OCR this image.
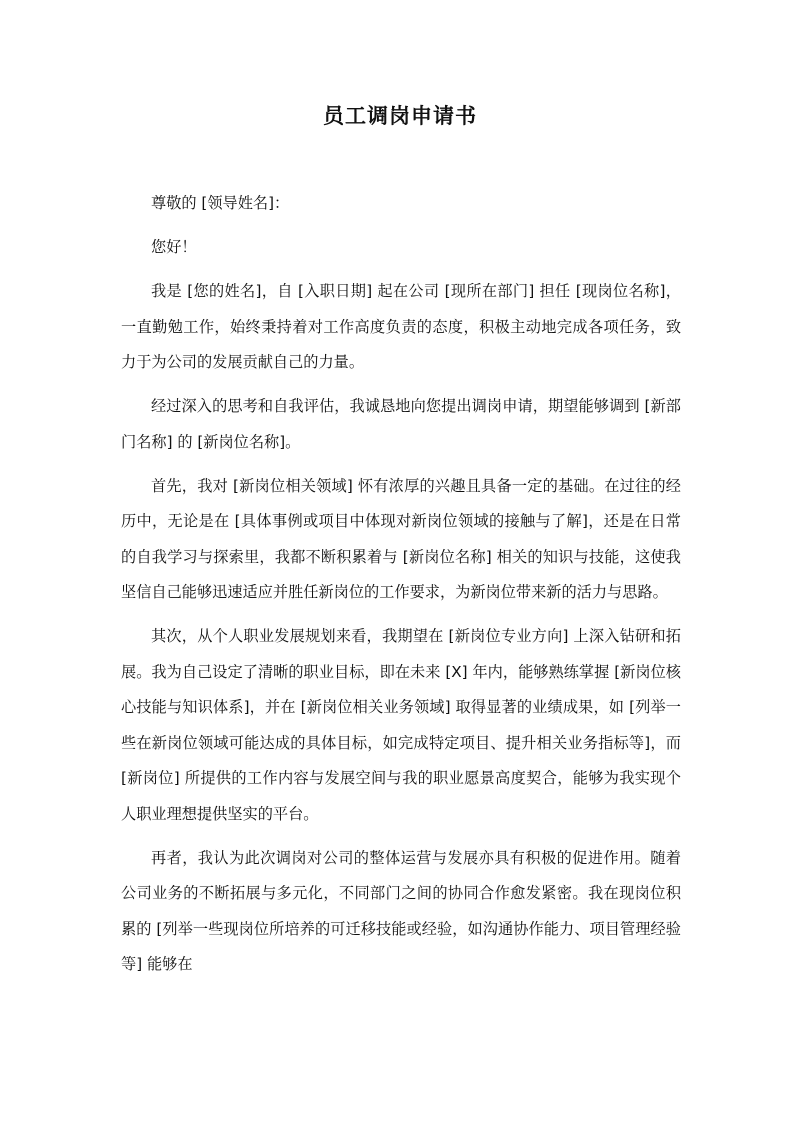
员工调岗申请书

尊敬的 [领导姓名]：

您好！

我是 [您的姓名]，自 [入职日期] 起在公司 [现所在部门] 担任 [现岗位名称]，一直勤勉工作，始终秉持着对工作高度负责的态度，积极主动地完成各项任务，致力于为公司的发展贡献自己的力量。

经过深入的思考和自我评估，我诚恳地向您提出调岗申请，期望能够调到 [新部门名称] 的 [新岗位名称]。

首先，我对 [新岗位相关领域] 怀有浓厚的兴趣且具备一定的基础。在过往的经历中，无论是在 [具体事例或项目中体现对新岗位领域的接触与了解]，还是在日常的自我学习与探索里，我都不断积累着与 [新岗位名称] 相关的知识与技能，这使我坚信自己能够迅速适应并胜任新岗位的工作要求，为新岗位带来新的活力与思路。

其次，从个人职业发展规划来看，我期望在 [新岗位专业方向] 上深入钻研和拓展。我为自己设定了清晰的职业目标，即在未来 [X] 年内，能够熟练掌握 [新岗位核心技能与知识体系]，并在 [新岗位相关业务领域] 取得显著的业绩成果，如 [列举一些在新岗位领域可能达成的具体目标，如完成特定项目、提升相关业务指标等]，而 [新岗位] 所提供的工作内容与发展空间与我的职业愿景高度契合，能够为我实现个人职业理想提供坚实的平台。

再者，我认为此次调岗对公司的整体运营与发展亦具有积极的促进作用。随着公司业务的不断拓展与多元化，不同部门之间的协同合作愈发紧密。我在现岗位积累的 [列举一些现岗位所培养的可迁移技能或经验，如沟通协作能力、项目管理经验等] 能够在
